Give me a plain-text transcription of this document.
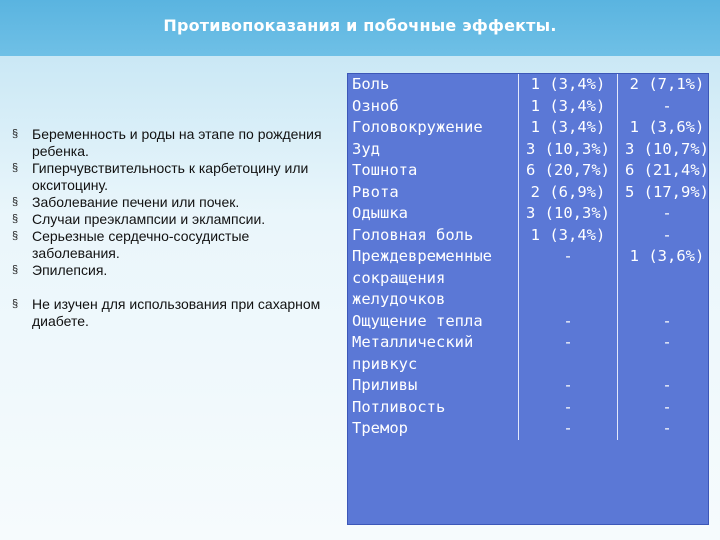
Противопоказания и побочные эффекты.
§ Беременность и роды на этапе по рождения ребенка.
§ Гиперчувствительность к карбетоцину или окситоцину.
§ Заболевание печени или почек.
§ Случаи преэклампсии и эклампсии.
§ Серьезные сердечно-сосудистые заболевания.
§ Эпилепсия.
§ Не изучен для использования при сахарном диабете.
Боль	1 (3,4%)	2 (7,1%)
Озноб	1 (3,4%)	-
Головокружение	1 (3,4%)	1 (3,6%)
Зуд	3 (10,3%)	3 (10,7%)
Тошнота	6 (20,7%)	6 (21,4%)
Рвота	2 (6,9%)	5 (17,9%)
Одышка	3 (10,3%)	-
Головная боль	1 (3,4%)	-
Преждевременные сокращения желудочков	-	1 (3,6%)
Ощущение тепла	-	-
Металлический привкус	-	-
Приливы	-	-
Потливость	-	-
Тремор	-	-
